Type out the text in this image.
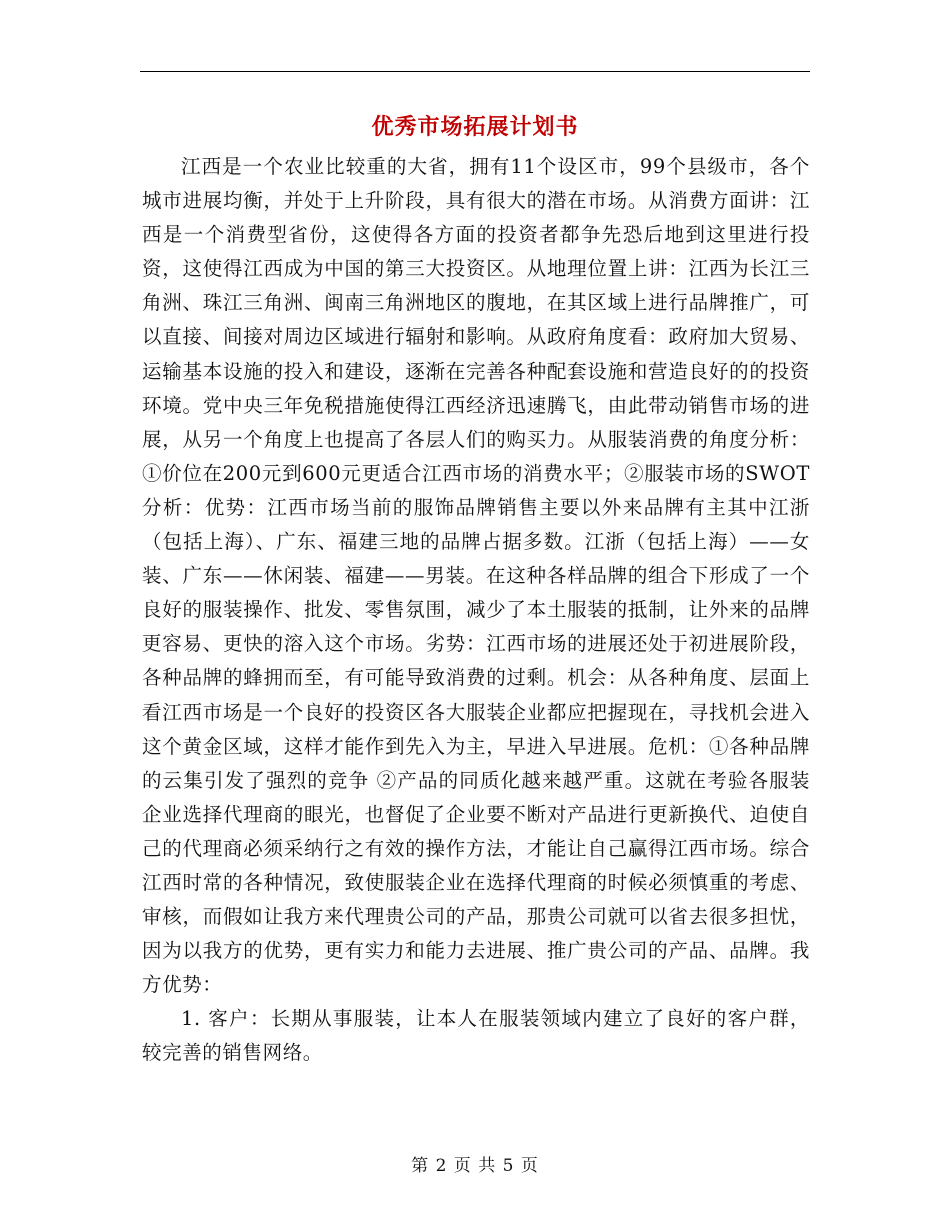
优秀市场拓展计划书

江西是一个农业比较重的大省，拥有11个设区市，99个县级市，各个城市进展均衡，并处于上升阶段，具有很大的潜在市场。从消费方面讲：江西是一个消费型省份，这使得各方面的投资者都争先恐后地到这里进行投资，这使得江西成为中国的第三大投资区。从地理位置上讲：江西为长江三角洲、珠江三角洲、闽南三角洲地区的腹地，在其区域上进行品牌推广，可以直接、间接对周边区域进行辐射和影响。从政府角度看：政府加大贸易、运输基本设施的投入和建设，逐渐在完善各种配套设施和营造良好的的投资环境。党中央三年免税措施使得江西经济迅速腾飞，由此带动销售市场的进展，从另一个角度上也提高了各层人们的购买力。从服装消费的角度分析：①价位在200元到600元更适合江西市场的消费水平；②服装市场的SWOT分析：优势：江西市场当前的服饰品牌销售主要以外来品牌有主其中江浙（包括上海）、广东、福建三地的品牌占据多数。江浙（包括上海）——女装、广东——休闲装、福建——男装。在这种各样品牌的组合下形成了一个良好的服装操作、批发、零售氛围，减少了本土服装的抵制，让外来的品牌更容易、更快的溶入这个市场。劣势：江西市场的进展还处于初进展阶段，各种品牌的蜂拥而至，有可能导致消费的过剩。机会：从各种角度、层面上看江西市场是一个良好的投资区各大服装企业都应把握现在，寻找机会进入这个黄金区域，这样才能作到先入为主，早进入早进展。危机：①各种品牌的云集引发了强烈的竞争 ②产品的同质化越来越严重。这就在考验各服装企业选择代理商的眼光，也督促了企业要不断对产品进行更新换代、迫使自己的代理商必须采纳行之有效的操作方法，才能让自己赢得江西市场。综合江西时常的各种情况，致使服装企业在选择代理商的时候必须慎重的考虑、审核，而假如让我方来代理贵公司的产品，那贵公司就可以省去很多担忧，因为以我方的优势，更有实力和能力去进展、推广贵公司的产品、品牌。我方优势：

1. 客户：长期从事服装，让本人在服装领域内建立了良好的客户群，较完善的销售网络。

第 2 页 共 5 页
